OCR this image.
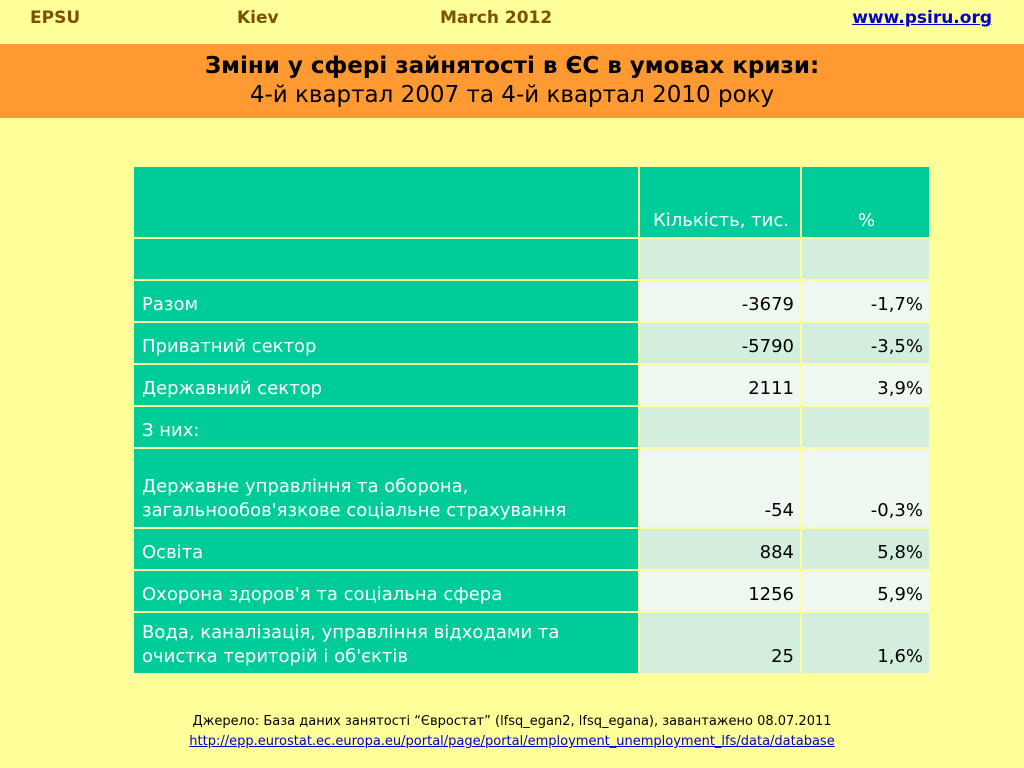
EPSU	Kiev	March 2012	www.psiru.org
Зміни у сфері зайнятості в ЄС в умовах кризи:
4-й квартал 2007 та 4-й квартал 2010 року
	Кількість, тис.	%

Разом	-3679	-1,7%
Приватний сектор	-5790	-3,5%
Державний сектор	2111	3,9%
З них:		
Державне управління та оборона, загальнообов'язкове соціальне страхування	-54	-0,3%
Освіта	884	5,8%
Охорона здоров'я та соціальна сфера	1256	5,9%
Вода, каналізація, управління відходами та очистка територій і об'єктів	25	1,6%
Джерело: База даних занятості “Євростат” (lfsq_egan2, lfsq_egana), завантажено 08.07.2011
http://epp.eurostat.ec.europa.eu/portal/page/portal/employment_unemployment_lfs/data/database
